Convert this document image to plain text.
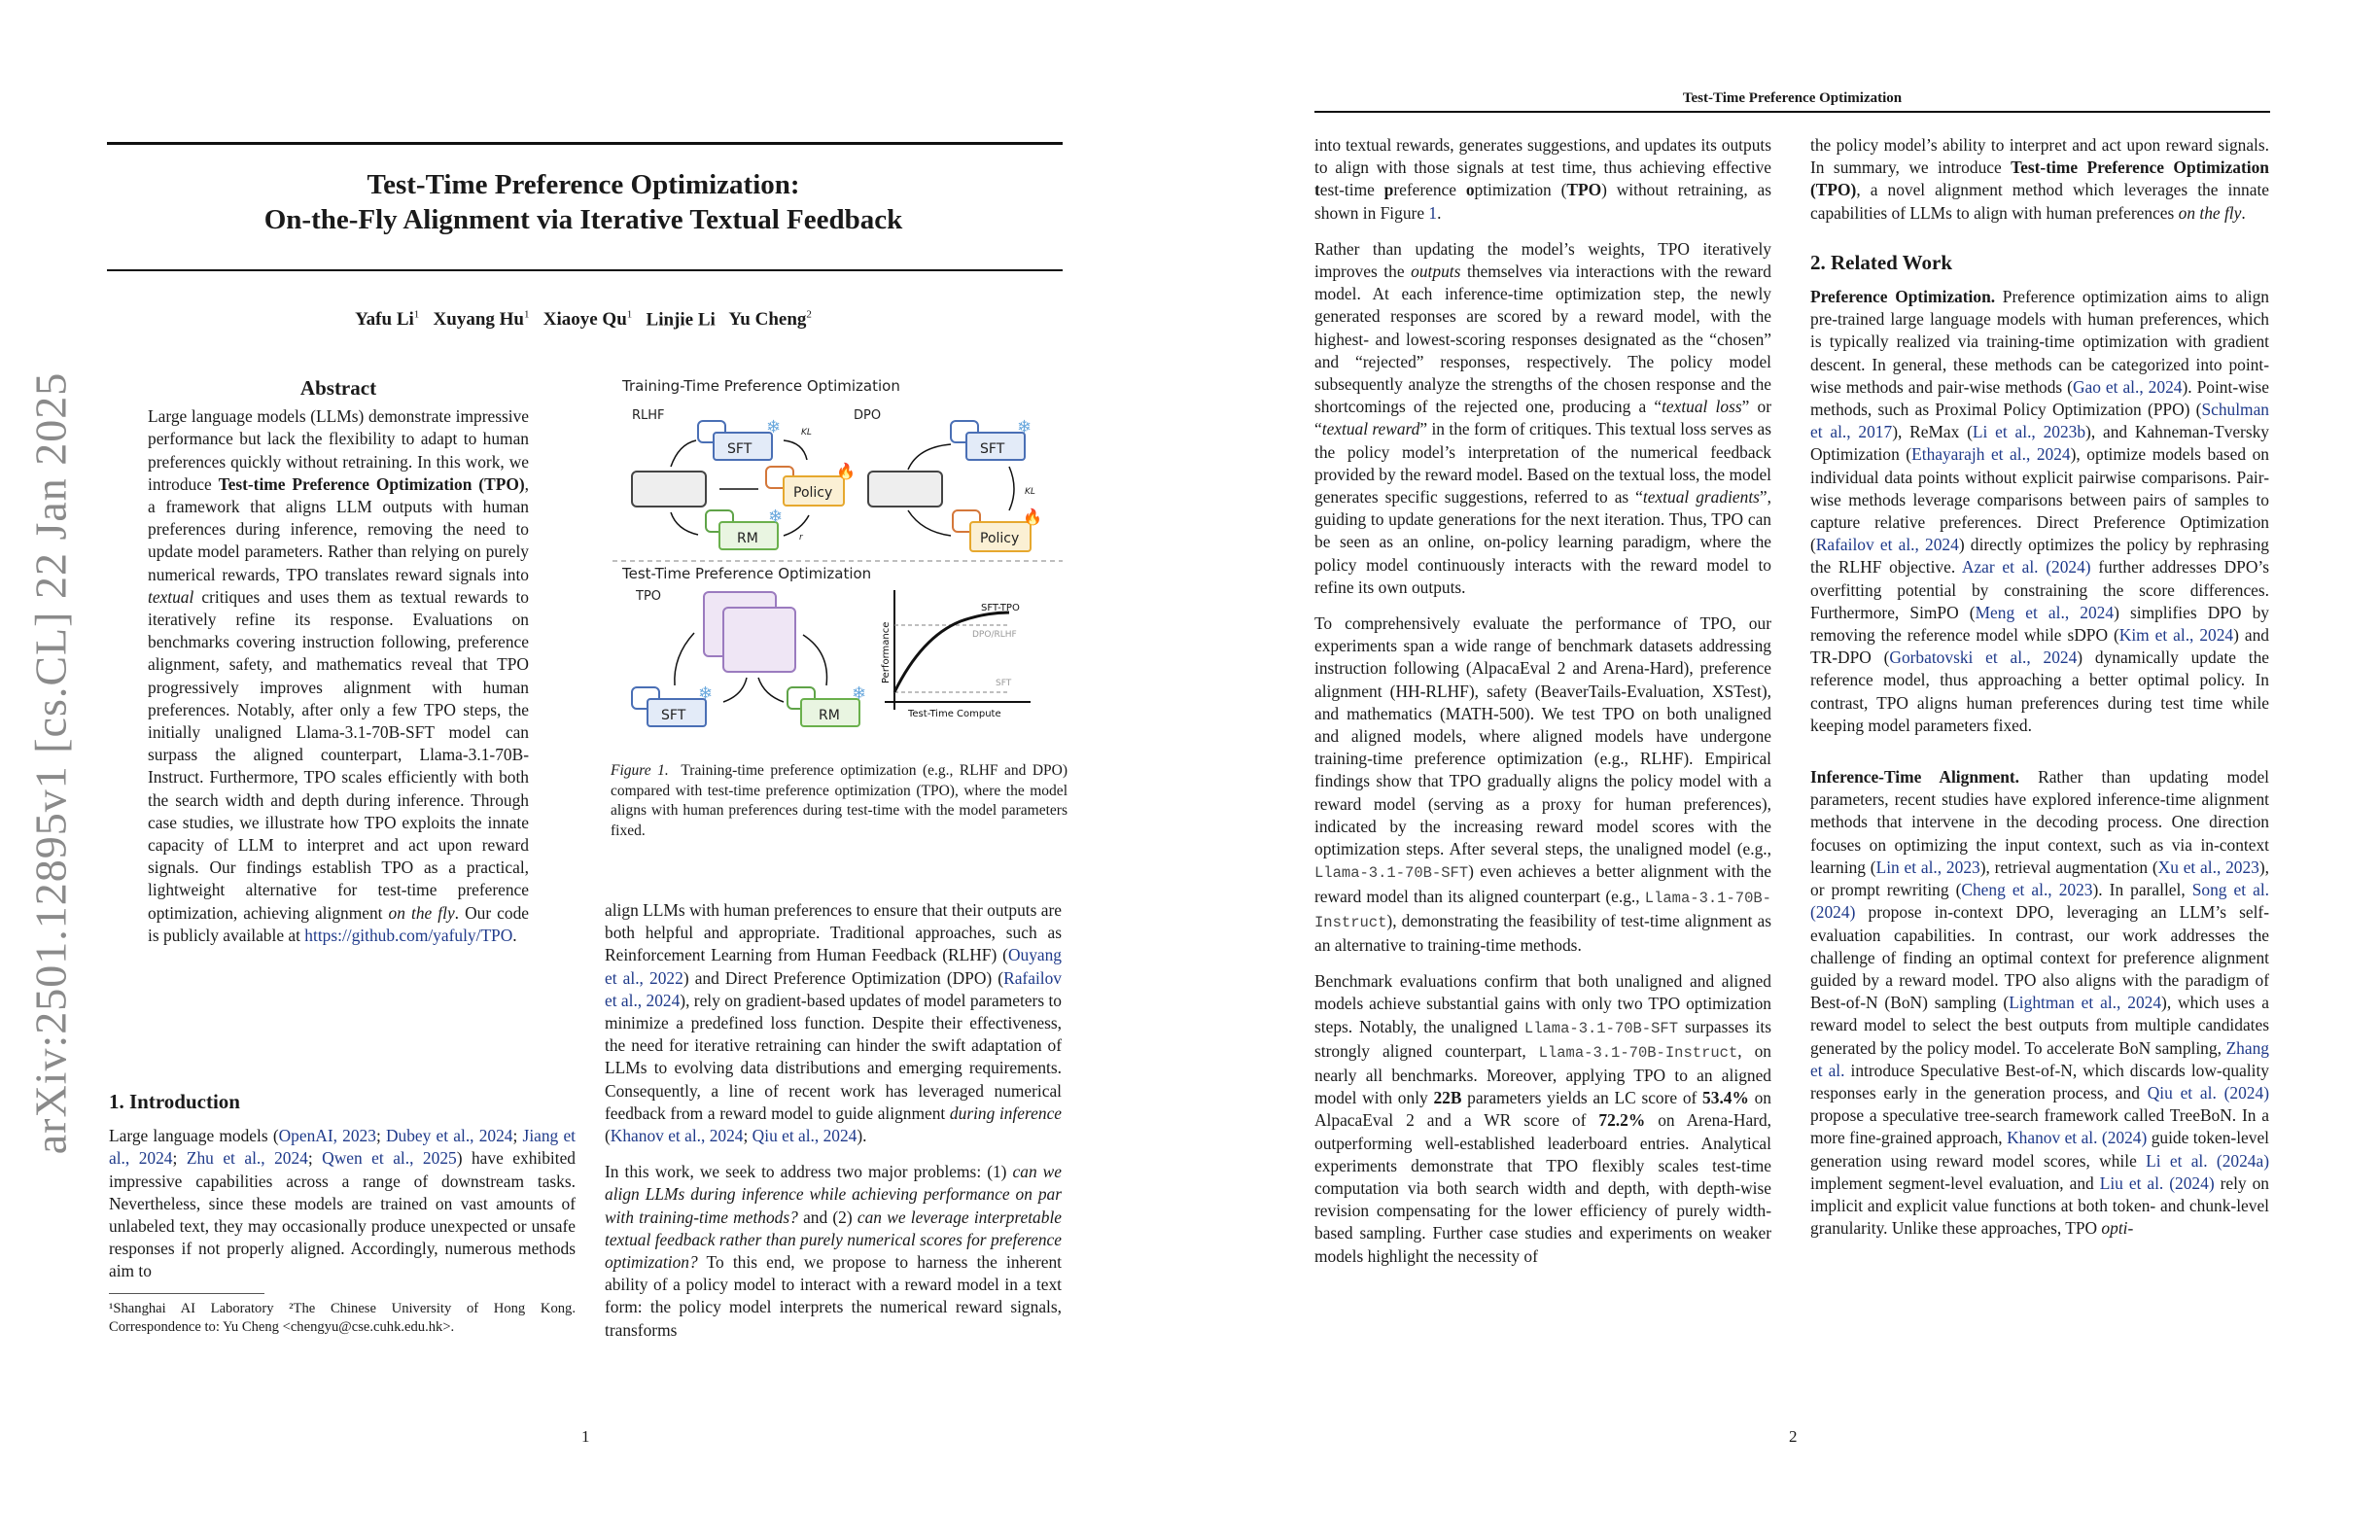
arXiv:2501.12895v1 [cs.CL] 22 Jan 2025
Test-Time Preference Optimization:
On-the-Fly Alignment via Iterative Textual Feedback
Yafu Li$^1$ Xuyang Hu$^1$ Xiaoye Qu$^1$ Linjie Li Yu Cheng$^2$
Abstract

Large language models (LLMs) demonstrate impressive performance but lack the flexibility to adapt to human preferences quickly without retraining. In this work, we introduce Test-time Preference Optimization (TPO), a framework that aligns LLM outputs with human preferences during inference, removing the need to update model parameters. Rather than relying on purely numerical rewards, TPO translates reward signals into textual critiques and uses them as textual rewards to iteratively refine its response. Evaluations on benchmarks covering instruction following, preference alignment, safety, and mathematics reveal that TPO progressively improves alignment with human preferences. Notably, after only a few TPO steps, the initially unaligned Llama-3.1-70B-SFT model can surpass the aligned counterpart, Llama-3.1-70B-Instruct. Furthermore, TPO scales efficiently with both the search width and depth during inference. Through case studies, we illustrate how TPO exploits the innate capacity of LLM to interpret and act upon reward signals. Our findings establish TPO as a practical, lightweight alternative for test-time preference optimization, achieving alignment on the fly. Our code is publicly available at https://github.com/yafuly/TPO.

Training-Time Preference Optimization
RLHF	DPO
SFT
❄
Policy
🔥
RM
❄
KL
r
SFT
❄
Policy
🔥
KL
Test-Time Preference Optimization
TPO
SFT
❄
RM
❄
SFT-TPO
DPO/RLHF
SFT
Test-Time Compute
Performance
Figure 1. Training-time preference optimization (e.g., RLHF and DPO) compared with test-time preference optimization (TPO), where the model aligns with human preferences during test-time with the model parameters fixed.
1. Introduction

Large language models (OpenAI, 2023; Dubey et al., 2024; Jiang et al., 2024; Zhu et al., 2024; Qwen et al., 2025) have exhibited impressive capabilities across a range of downstream tasks. Nevertheless, since these models are trained on vast amounts of unlabeled text, they may occasionally produce unexpected or unsafe responses if not properly aligned. Accordingly, numerous methods aim to

¹Shanghai AI Laboratory ²The Chinese University of Hong Kong. Correspondence to: Yu Cheng <chengyu@cse.cuhk.edu.hk>.

align LLMs with human preferences to ensure that their outputs are both helpful and appropriate. Traditional approaches, such as Reinforcement Learning from Human Feedback (RLHF) (Ouyang et al., 2022) and Direct Preference Optimization (DPO) (Rafailov et al., 2024), rely on gradient-based updates of model parameters to minimize a predefined loss function. Despite their effectiveness, the need for iterative retraining can hinder the swift adaptation of LLMs to evolving data distributions and emerging requirements. Consequently, a line of recent work has leveraged numerical feedback from a reward model to guide alignment during inference (Khanov et al., 2024; Qiu et al., 2024).

In this work, we seek to address two major problems: (1) can we align LLMs during inference while achieving performance on par with training-time methods? and (2) can we leverage interpretable textual feedback rather than purely numerical scores for preference optimization? To this end, we propose to harness the inherent ability of a policy model to interact with a reward model in a text form: the policy model interprets the numerical reward signals, transforms

1
Test-Time Preference Optimization

into textual rewards, generates suggestions, and updates its outputs to align with those signals at test time, thus achieving effective test-time preference optimization (TPO) without retraining, as shown in Figure 1.

Rather than updating the model’s weights, TPO iteratively improves the outputs themselves via interactions with the reward model. At each inference-time optimization step, the newly generated responses are scored by a reward model, with the highest- and lowest-scoring responses designated as the “chosen” and “rejected” responses, respectively. The policy model subsequently analyze the strengths of the chosen response and the shortcomings of the rejected one, producing a “textual loss” or “textual reward” in the form of critiques. This textual loss serves as the policy model’s interpretation of the numerical feedback provided by the reward model. Based on the textual loss, the model generates specific suggestions, referred to as “textual gradients”, guiding to update generations for the next iteration. Thus, TPO can be seen as an online, on-policy learning paradigm, where the policy model continuously interacts with the reward model to refine its own outputs.

To comprehensively evaluate the performance of TPO, our experiments span a wide range of benchmark datasets addressing instruction following (AlpacaEval 2 and Arena-Hard), preference alignment (HH-RLHF), safety (BeaverTails-Evaluation, XSTest), and mathematics (MATH-500). We test TPO on both unaligned and aligned models, where aligned models have undergone training-time preference optimization (e.g., RLHF). Empirical findings show that TPO gradually aligns the policy model with a reward model (serving as a proxy for human preferences), indicated by the increasing reward model scores with the optimization steps. After several steps, the unaligned model (e.g., Llama-3.1-70B-SFT) even achieves a better alignment with the reward model than its aligned counterpart (e.g., Llama-3.1-70B-Instruct), demonstrating the feasibility of test-time alignment as an alternative to training-time methods.

Benchmark evaluations confirm that both unaligned and aligned models achieve substantial gains with only two TPO optimization steps. Notably, the unaligned Llama-3.1-70B-SFT surpasses its strongly aligned counterpart, Llama-3.1-70B-Instruct, on nearly all benchmarks. Moreover, applying TPO to an aligned model with only 22B parameters yields an LC score of 53.4% on AlpacaEval 2 and a WR score of 72.2% on Arena-Hard, outperforming well-established leaderboard entries. Analytical experiments demonstrate that TPO flexibly scales test-time computation via both search width and depth, with depth-wise revision compensating for the lower efficiency of purely width-based sampling. Further case studies and experiments on weaker models highlight the necessity of

the policy model’s ability to interpret and act upon reward signals. In summary, we introduce Test-time Preference Optimization (TPO), a novel alignment method which leverages the innate capabilities of LLMs to align with human preferences on the fly.

2. Related Work

Preference Optimization. Preference optimization aims to align pre-trained large language models with human preferences, which is typically realized via training-time optimization with gradient descent. In general, these methods can be categorized into point-wise methods and pair-wise methods (Gao et al., 2024). Point-wise methods, such as Proximal Policy Optimization (PPO) (Schulman et al., 2017), ReMax (Li et al., 2023b), and Kahneman-Tversky Optimization (Ethayarajh et al., 2024), optimize models based on individual data points without explicit pairwise comparisons. Pair-wise methods leverage comparisons between pairs of samples to capture relative preferences. Direct Preference Optimization (Rafailov et al., 2024) directly optimizes the policy by rephrasing the RLHF objective. Azar et al. (2024) further addresses DPO’s overfitting potential by constraining the score differences. Furthermore, SimPO (Meng et al., 2024) simplifies DPO by removing the reference model while sDPO (Kim et al., 2024) and TR-DPO (Gorbatovski et al., 2024) dynamically update the reference model, thus approaching a better optimal policy. In contrast, TPO aligns human preferences during test time while keeping model parameters fixed.

Inference-Time Alignment. Rather than updating model parameters, recent studies have explored inference-time alignment methods that intervene in the decoding process. One direction focuses on optimizing the input context, such as via in-context learning (Lin et al., 2023), retrieval augmentation (Xu et al., 2023), or prompt rewriting (Cheng et al., 2023). In parallel, Song et al. (2024) propose in-context DPO, leveraging an LLM’s self-evaluation capabilities. In contrast, our work addresses the challenge of finding an optimal context for preference alignment guided by a reward model. TPO also aligns with the paradigm of Best-of-N (BoN) sampling (Lightman et al., 2024), which uses a reward model to select the best outputs from multiple candidates generated by the policy model. To accelerate BoN sampling, Zhang et al. introduce Speculative Best-of-N, which discards low-quality responses early in the generation process, and Qiu et al. (2024) propose a speculative tree-search framework called TreeBoN. In a more fine-grained approach, Khanov et al. (2024) guide token-level generation using reward model scores, while Li et al. (2024a) implement segment-level evaluation, and Liu et al. (2024) rely on implicit and explicit value functions at both token- and chunk-level granularity. Unlike these approaches, TPO opti-

2
